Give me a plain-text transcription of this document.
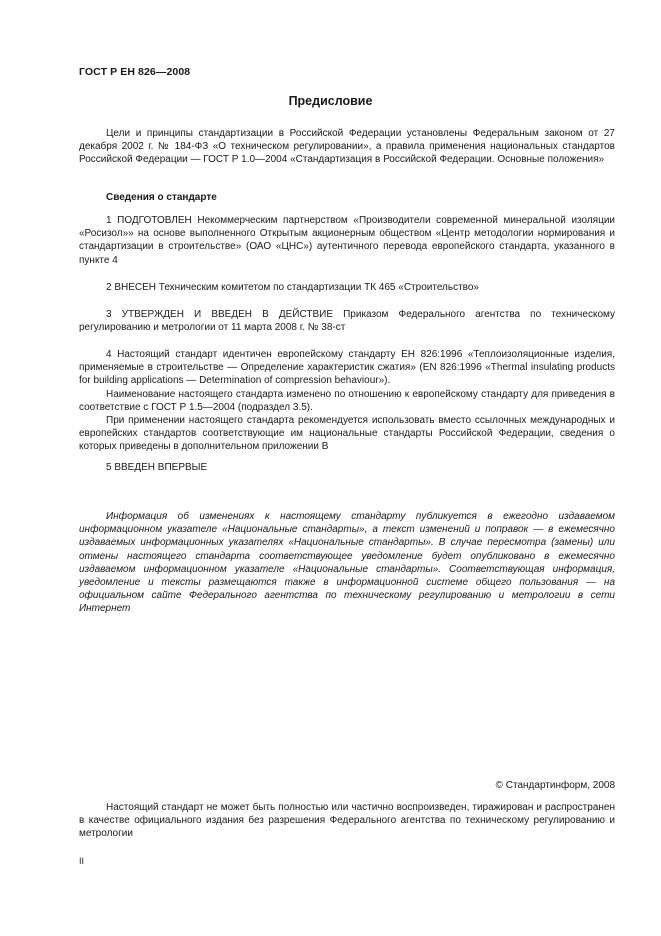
ГОСТ Р ЕН 826—2008
Предисловие

Цели и принципы стандартизации в Российской Федерации установлены Федеральным законом от 27 декабря 2002 г. № 184-ФЗ «О техническом регулировании», а правила применения национальных стандартов Российской Федерации — ГОСТ Р 1.0—2004 «Стандартизация в Российской Федерации. Основные положения»

Сведения о стандарте

1 ПОДГОТОВЛЕН Некоммерческим партнерством «Производители современной минеральной изоляции «Росизол»» на основе выполненного Открытым акционерным обществом «Центр методологии нормирования и стандартизации в строительстве» (ОАО «ЦНС») аутентичного перевода европейского стандарта, указанного в пункте 4

2 ВНЕСЕН Техническим комитетом по стандартизации ТК 465 «Строительство»

3 УТВЕРЖДЕН И ВВЕДЕН В ДЕЙСТВИЕ Приказом Федерального агентства по техническому регулированию и метрологии от 11 марта 2008 г. № 38-ст

4 Настоящий стандарт идентичен европейскому стандарту ЕН 826:1996 «Теплоизоляционные изделия, применяемые в строительстве — Определение характеристик сжатия» (EN 826:1996 «Thermal insulating products for building applications — Determination of compression behaviour»).

Наименование настоящего стандарта изменено по отношению к европейскому стандарту для приведения в соответствие с ГОСТ Р 1.5—2004 (подраздел 3.5).

При применении настоящего стандарта рекомендуется использовать вместо ссылочных международных и европейских стандартов соответствующие им национальные стандарты Российской Федерации, сведения о которых приведены в дополнительном приложении В

5 ВВЕДЕН ВПЕРВЫЕ

Информация об изменениях к настоящему стандарту публикуется в ежегодно издаваемом информационном указателе «Национальные стандарты», а текст изменений и поправок — в ежемесячно издаваемых информационных указателях «Национальные стандарты». В случае пересмотра (замены) или отмены настоящего стандарта соответствующее уведомление будет опубликовано в ежемесячно издаваемом информационном указателе «Национальные стандарты». Соответствующая информация, уведомление и тексты размещаются также в информационной системе общего пользования — на официальном сайте Федерального агентства по техническому регулированию и метрологии в сети Интернет

© Стандартинформ, 2008

Настоящий стандарт не может быть полностью или частично воспроизведен, тиражирован и распространен в качестве официального издания без разрешения Федерального агентства по техническому регулированию и метрологии

II
